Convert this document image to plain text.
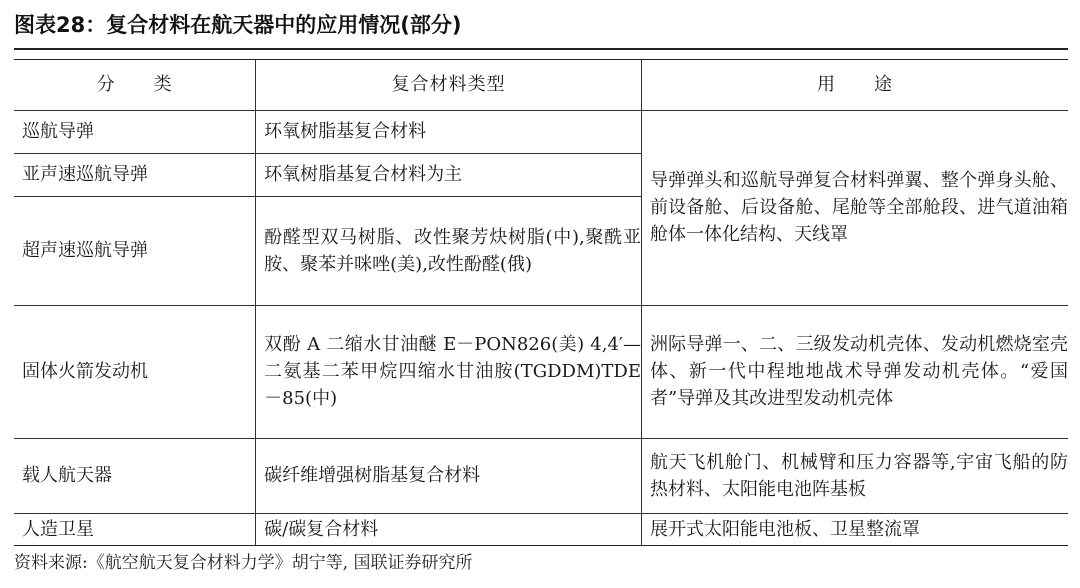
图表28：复合材料在航天器中的应用情况(部分)
分　　类	复合材料类型	用　　途

巡航导弹	环氧树脂基复合材料	导弹弹头和巡航导弹复合材料弹翼、整个弹身头舱、前设备舱、后设备舱、尾舱等全部舱段、进气道油箱舱体一体化结构、天线罩

亚声速巡航导弹	环氧树脂基复合材料为主	

超声速巡航导弹	酚醛型双马树脂、改性聚芳炔树脂(中),聚酰亚胺、聚苯并咪唑(美),改性酚醛(俄)	

固体火箭发动机	双酚 A 二缩水甘油醚 E－PON826(美) 4,4′—二氨基二苯甲烷四缩水甘油胺(TGDDM)TDE－85(中)	洲际导弹一、二、三级发动机壳体、发动机燃烧室壳体、新一代中程地地战术导弹发动机壳体。“爱国者”导弹及其改进型发动机壳体

载人航天器	碳纤维增强树脂基复合材料	航天飞机舱门、机械臂和压力容器等,宇宙飞船的防热材料、太阳能电池阵基板

人造卫星	碳/碳复合材料	展开式太阳能电池板、卫星整流罩
资料来源:《航空航天复合材料力学》胡宁等, 国联证券研究所
